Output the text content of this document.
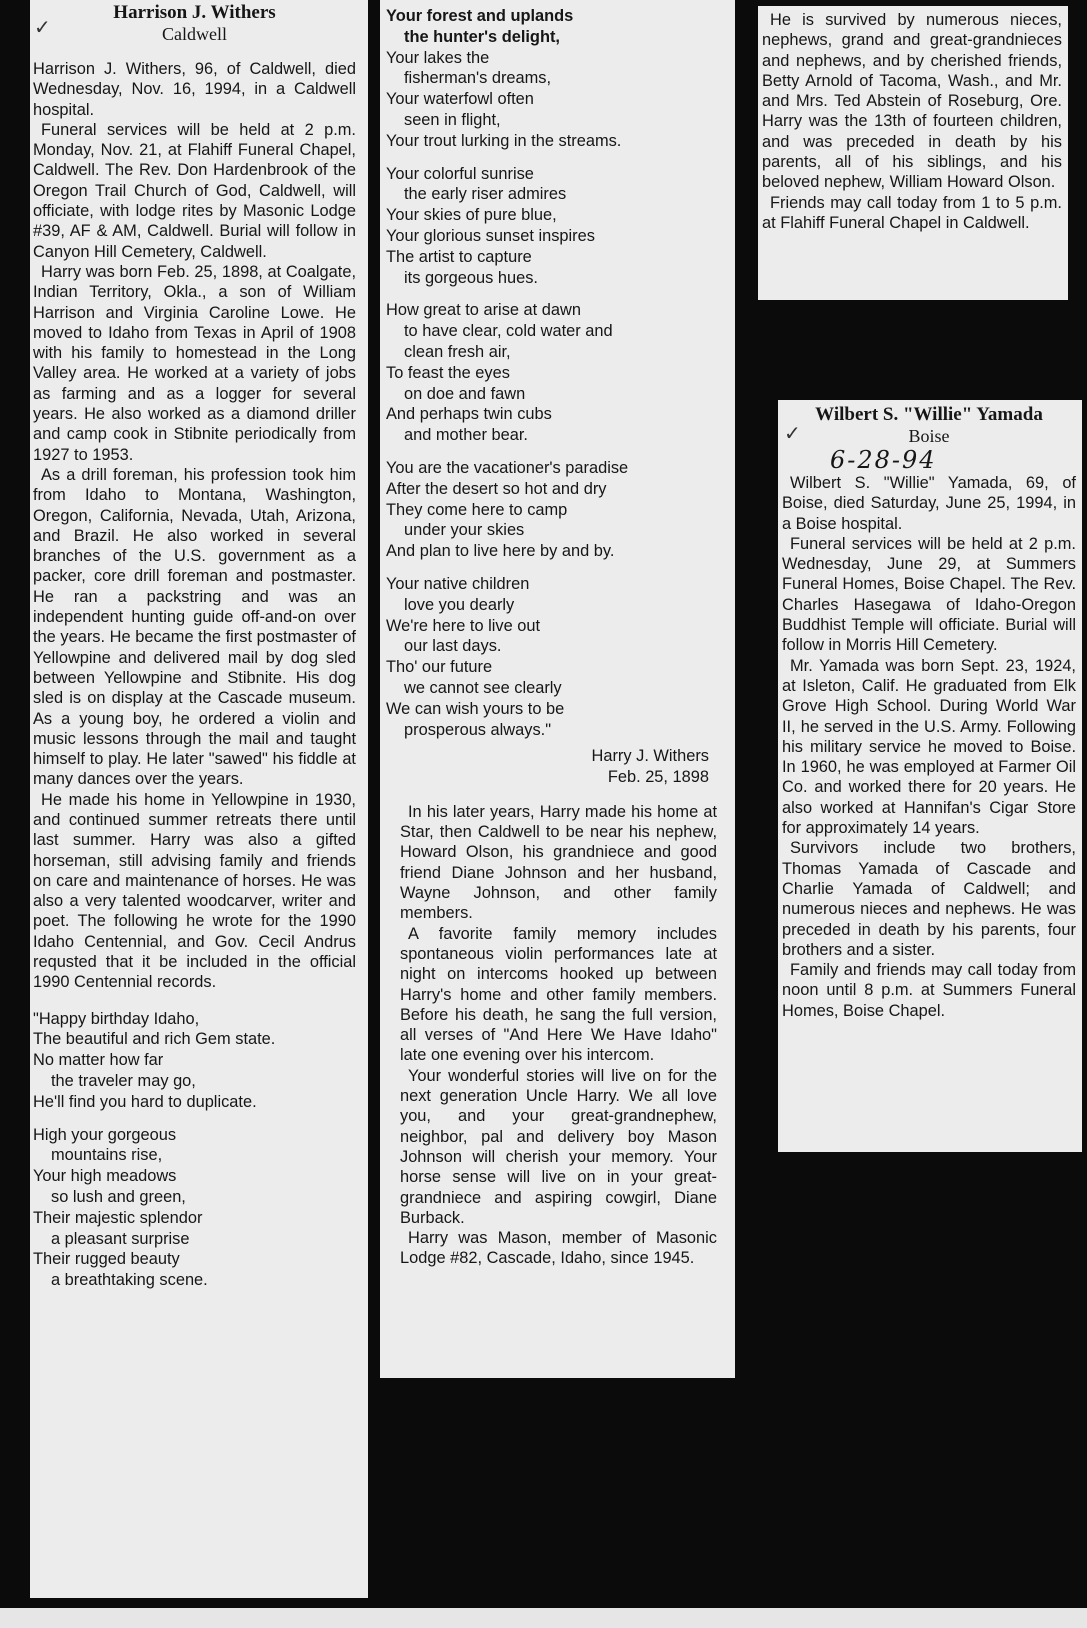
✓
Harrison J. Withers
Caldwell

Harrison J. Withers, 96, of Caldwell, died Wednesday, Nov. 16, 1994, in a Caldwell hospital.

Funeral services will be held at 2 p.m. Monday, Nov. 21, at Flahiff Funeral Chapel, Caldwell. The Rev. Don Hardenbrook of the Oregon Trail Church of God, Caldwell, will officiate, with lodge rites by Masonic Lodge #39, AF & AM, Caldwell. Burial will follow in Canyon Hill Cemetery, Caldwell.

Harry was born Feb. 25, 1898, at Coalgate, Indian Territory, Okla., a son of William Harrison and Virginia Caroline Lowe. He moved to Idaho from Texas in April of 1908 with his family to homestead in the Long Valley area. He worked at a variety of jobs as farming and as a logger for several years. He also worked as a diamond driller and camp cook in Stibnite periodically from 1927 to 1953.

As a drill foreman, his profession took him from Idaho to Montana, Washington, Oregon, California, Nevada, Utah, Arizona, and Brazil. He also worked in several branches of the U.S. government as a packer, core drill foreman and postmaster. He ran a packstring and was an independent hunting guide off-and-on over the years. He became the first postmaster of Yellowpine and delivered mail by dog sled between Yellowpine and Stibnite. His dog sled is on display at the Cascade museum. As a young boy, he ordered a violin and music lessons through the mail and taught himself to play. He later "sawed" his fiddle at many dances over the years.

He made his home in Yellowpine in 1930, and continued summer retreats there until last summer. Harry was also a gifted horseman, still advising family and friends on care and maintenance of horses. He was also a very talented woodcarver, writer and poet. The following he wrote for the 1990 Idaho Centennial, and Gov. Cecil Andrus requsted that it be included in the official 1990 Centennial records.

"Happy birthday Idaho,
The beautiful and rich Gem state.
No matter how far
the traveler may go,
He'll find you hard to duplicate.
High your gorgeous
mountains rise,
Your high meadows
so lush and green,
Their majestic splendor
a pleasant surprise
Their rugged beauty
a breathtaking scene.
Your forest and uplands
the hunter's delight,
Your lakes the
fisherman's dreams,
Your waterfowl often
seen in flight,
Your trout lurking in the streams.
Your colorful sunrise
the early riser admires
Your skies of pure blue,
Your glorious sunset inspires
The artist to capture
its gorgeous hues.
How great to arise at dawn
to have clear, cold water and
clean fresh air,
To feast the eyes
on doe and fawn
And perhaps twin cubs
and mother bear.
You are the vacationer's paradise
After the desert so hot and dry
They come here to camp
under your skies
And plan to live here by and by.
Your native children
love you dearly
We're here to live out
our last days.
Tho' our future
we cannot see clearly
We can wish yours to be
prosperous always."
Harry J. Withers
Feb. 25, 1898

In his later years, Harry made his home at Star, then Caldwell to be near his nephew, Howard Olson, his grandniece and good friend Diane Johnson and her husband, Wayne Johnson, and other family members.

A favorite family memory includes spontaneous violin performances late at night on intercoms hooked up between Harry's home and other family members. Before his death, he sang the full version, all verses of "And Here We Have Idaho" late one evening over his intercom.

Your wonderful stories will live on for the next generation Uncle Harry. We all love you, and your great-grandnephew, neighbor, pal and delivery boy Mason Johnson will cherish your memory. Your horse sense will live on in your great-grandniece and aspiring cowgirl, Diane Burback.

Harry was Mason, member of Masonic Lodge #82, Cascade, Idaho, since 1945.

He is survived by numerous nieces, nephews, grand and great-grandnieces and nephews, and by cherished friends, Betty Arnold of Tacoma, Wash., and Mr. and Mrs. Ted Abstein of Roseburg, Ore. Harry was the 13th of fourteen children, and was preceded in death by his parents, all of his siblings, and his beloved nephew, William Howard Olson.

Friends may call today from 1 to 5 p.m. at Flahiff Funeral Chapel in Caldwell.

✓
Wilbert S. "Willie" Yamada
Boise
6-28-94

Wilbert S. "Willie" Yamada, 69, of Boise, died Saturday, June 25, 1994, in a Boise hospital.

Funeral services will be held at 2 p.m. Wednesday, June 29, at Summers Funeral Homes, Boise Chapel. The Rev. Charles Hasegawa of Idaho-Oregon Buddhist Temple will officiate. Burial will follow in Morris Hill Cemetery.

Mr. Yamada was born Sept. 23, 1924, at Isleton, Calif. He graduated from Elk Grove High School. During World War II, he served in the U.S. Army. Following his military service he moved to Boise. In 1960, he was employed at Farmer Oil Co. and worked there for 20 years. He also worked at Hannifan's Cigar Store for approximately 14 years.

Survivors include two brothers, Thomas Yamada of Cascade and Charlie Yamada of Caldwell; and numerous nieces and nephews. He was preceded in death by his parents, four brothers and a sister.

Family and friends may call today from noon until 8 p.m. at Summers Funeral Homes, Boise Chapel.
